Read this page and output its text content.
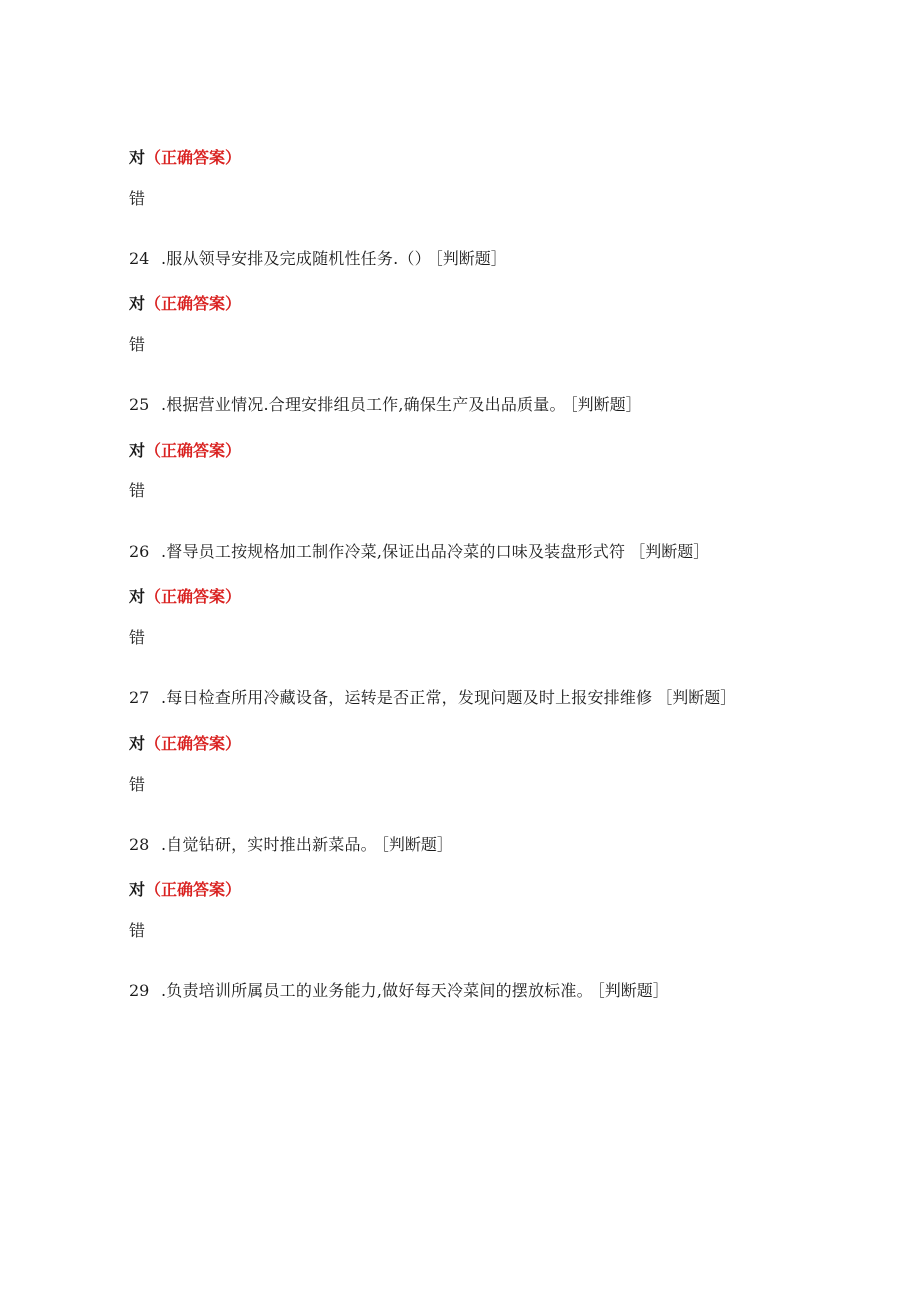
对（正确答案）
错
24 .服从领导安排及完成随机性任务.（） ［判断题］
对（正确答案）
错
25 .根据营业情况.合理安排组员工作,确保生产及出品质量。 ［判断题］
对（正确答案）
错
26 .督导员工按规格加工制作冷菜,保证出品冷菜的口味及装盘形式符 ［判断题］
对（正确答案）
错
27 .每日检查所用冷藏设备，运转是否正常，发现问题及时上报安排维修 ［判断题］
对（正确答案）
错
28 .自觉钻研，实时推出新菜品。 ［判断题］
对（正确答案）
错
29 .负责培训所属员工的业务能力,做好每天冷菜间的摆放标准。 ［判断题］
